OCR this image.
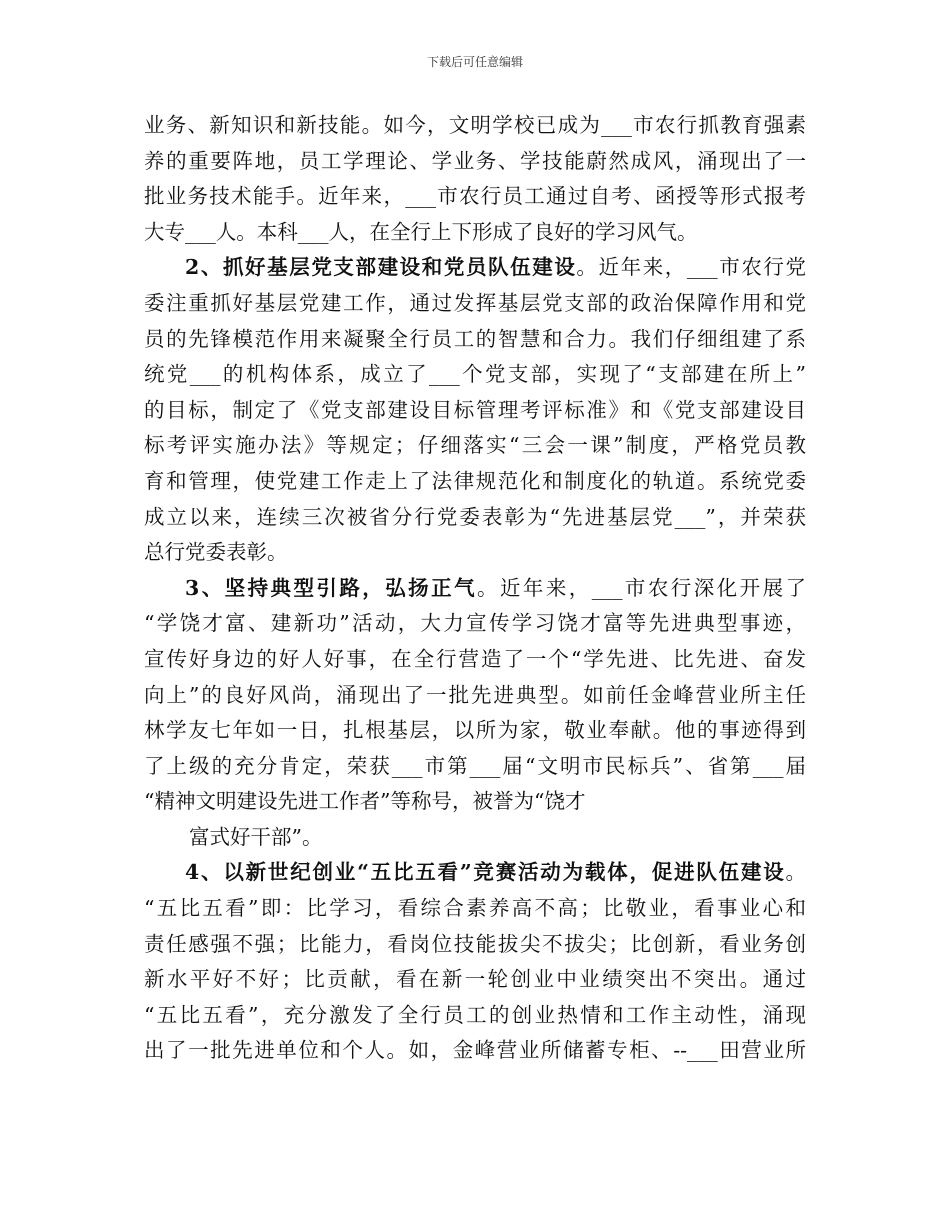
下载后可任意编辑
业务、新知识和新技能。如今，文明学校已成为___市农行抓教育强素
养的重要阵地，员工学理论、学业务、学技能蔚然成风，涌现出了一
批业务技术能手。近年来，___市农行员工通过自考、函授等形式报考
大专___人。本科___人，在全行上下形成了良好的学习风气。
2、抓好基层党支部建设和党员队伍建设。近年来，___市农行党
委注重抓好基层党建工作，通过发挥基层党支部的政治保障作用和党
员的先锋模范作用来凝聚全行员工的智慧和合力。我们仔细组建了系
统党___的机构体系，成立了___个党支部，实现了“支部建在所上”
的目标，制定了《党支部建设目标管理考评标准》和《党支部建设目
标考评实施办法》等规定；仔细落实“三会一课”制度，严格党员教
育和管理，使党建工作走上了法律规范化和制度化的轨道。系统党委
成立以来，连续三次被省分行党委表彰为“先进基层党___”，并荣获
总行党委表彰。
3、坚持典型引路，弘扬正气。近年来，___市农行深化开展了
“学饶才富、建新功”活动，大力宣传学习饶才富等先进典型事迹，
宣传好身边的好人好事，在全行营造了一个“学先进、比先进、奋发
向上”的良好风尚，涌现出了一批先进典型。如前任金峰营业所主任
林学友七年如一日，扎根基层，以所为家，敬业奉献。他的事迹得到
了上级的充分肯定，荣获___市第___届“文明市民标兵”、省第___届
“精神文明建设先进工作者”等称号，被誉为“饶才
富式好干部”。
4、以新世纪创业“五比五看”竞赛活动为载体，促进队伍建设。
“五比五看”即：比学习，看综合素养高不高；比敬业，看事业心和
责任感强不强；比能力，看岗位技能拔尖不拔尖；比创新，看业务创
新水平好不好；比贡献，看在新一轮创业中业绩突出不突出。通过
“五比五看”，充分激发了全行员工的创业热情和工作主动性，涌现
出了一批先进单位和个人。如，金峰营业所储蓄专柜、--___田营业所
